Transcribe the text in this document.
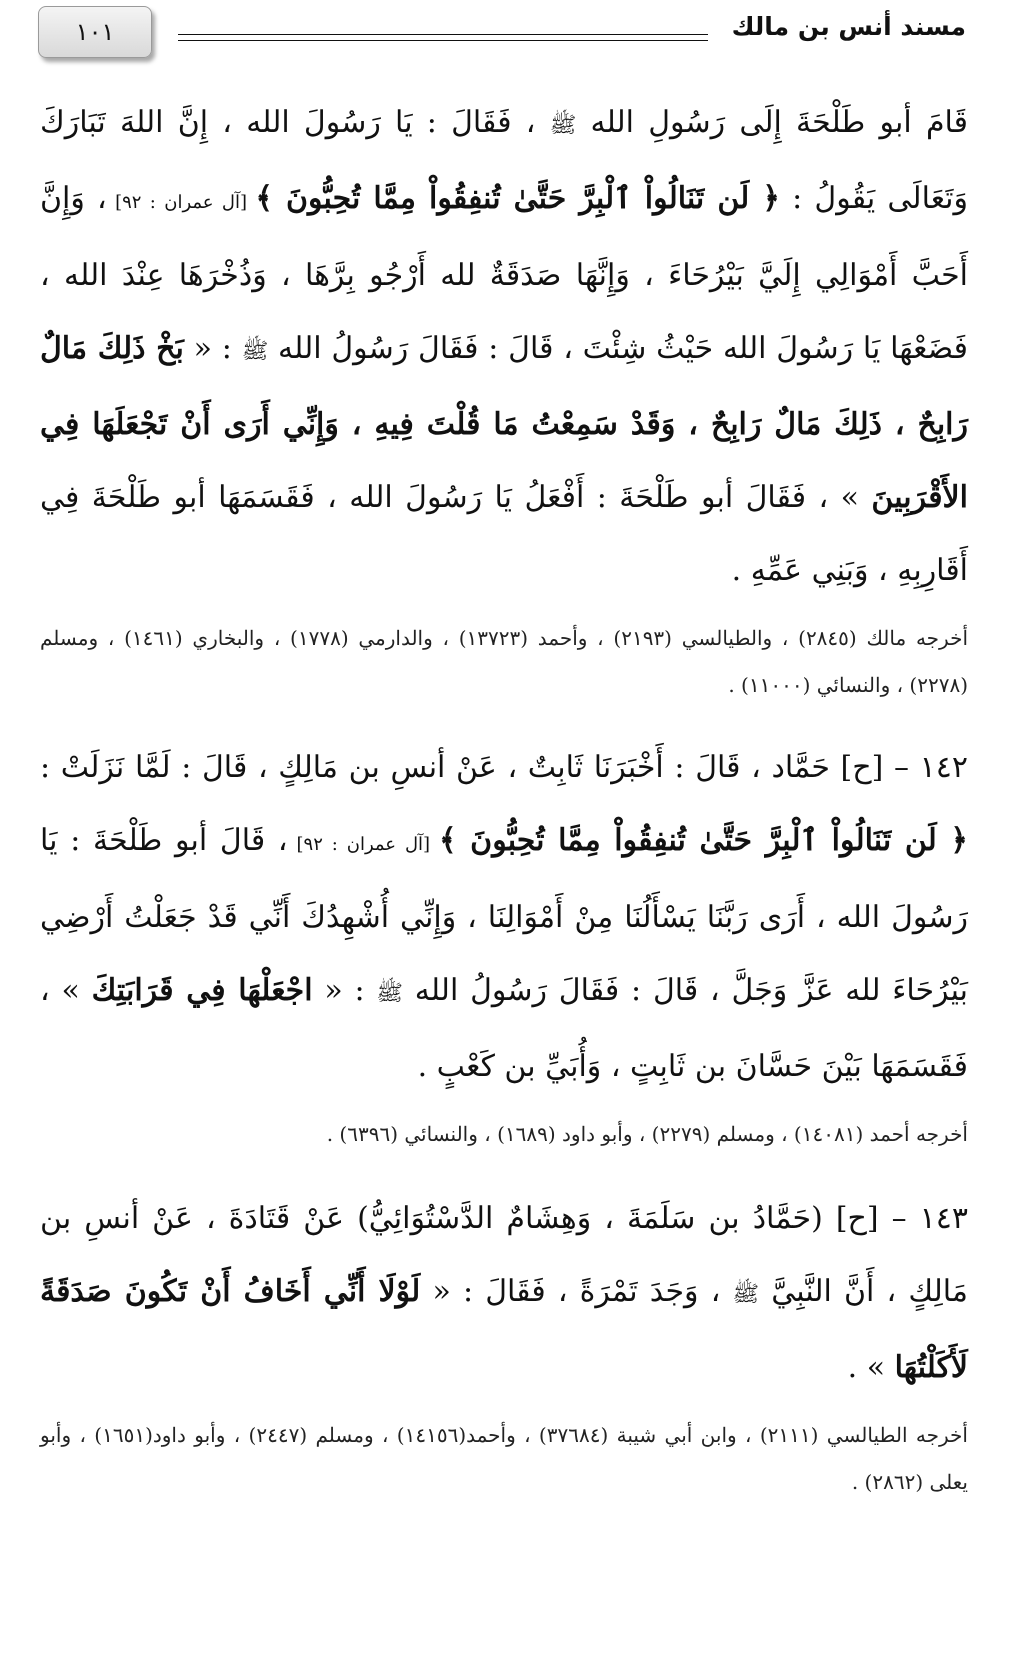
١٠١	مسند أنس بن مالك

قَامَ أبو طَلْحَةَ إِلَى رَسُولِ الله ﷺ ، فَقَالَ : يَا رَسُولَ الله ، إِنَّ اللهَ تَبَارَكَ وَتَعَالَى يَقُولُ : ﴿ لَن تَنَالُواْ ٱلْبِرَّ حَتَّىٰ تُنفِقُواْ مِمَّا تُحِبُّونَ ﴾ [آل عمران : ٩٢] ، وَإِنَّ أَحَبَّ أَمْوَالِي إِلَيَّ بَيْرُحَاءَ ، وَإِنَّهَا صَدَقَةٌ لله أَرْجُو بِرَّهَا ، وَذُخْرَهَا عِنْدَ الله ، فَضَعْهَا يَا رَسُولَ الله حَيْثُ شِئْتَ ، قَالَ : فَقَالَ رَسُولُ الله ﷺ : « بَخْ ذَلِكَ مَالٌ رَابِحٌ ، ذَلِكَ مَالٌ رَابِحٌ ، وَقَدْ سَمِعْتُ مَا قُلْتَ فِيهِ ، وَإِنِّي أَرَى أَنْ تَجْعَلَهَا فِي الأَقْرَبِينَ » ، فَقَالَ أبو طَلْحَةَ : أَفْعَلُ يَا رَسُولَ الله ، فَقَسَمَهَا أبو طَلْحَةَ فِي أَقَارِبِهِ ، وَبَنِي عَمِّهِ .

أخرجه مالك (٢٨٤٥) ، والطيالسي (٢١٩٣) ، وأحمد (١٣٧٢٣) ، والدارمي (١٧٧٨) ، والبخاري (١٤٦١) ، ومسلم (٢٢٧٨) ، والنسائي (١١٠٠٠) .

١٤٢ – [ح] حَمَّاد ، قَالَ : أَخْبَرَنَا ثَابِتٌ ، عَنْ أنسِ بن مَالِكٍ ، قَالَ : لَمَّا نَزَلَتْ : ﴿ لَن تَنَالُواْ ٱلْبِرَّ حَتَّىٰ تُنفِقُواْ مِمَّا تُحِبُّونَ ﴾ [آل عمران : ٩٢] ، قَالَ أبو طَلْحَةَ : يَا رَسُولَ الله ، أَرَى رَبَّنَا يَسْأَلُنَا مِنْ أَمْوَالِنَا ، وَإِنِّي أُشْهِدُكَ أَنِّي قَدْ جَعَلْتُ أَرْضِي بَيْرُحَاءَ لله عَزَّ وَجَلَّ ، قَالَ : فَقَالَ رَسُولُ الله ﷺ : « اجْعَلْهَا فِي قَرَابَتِكَ » ، فَقَسَمَهَا بَيْنَ حَسَّانَ بن ثَابِتٍ ، وَأُبَيِّ بن كَعْبٍ .

أخرجه أحمد (١٤٠٨١) ، ومسلم (٢٢٧٩) ، وأبو داود (١٦٨٩) ، والنسائي (٦٣٩٦) .

١٤٣ – [ح] (حَمَّادُ بن سَلَمَةَ ، وَهِشَامٌ الدَّسْتُوَائِيُّ) عَنْ قَتَادَةَ ، عَنْ أنسِ بن مَالِكٍ ، أَنَّ النَّبِيَّ ﷺ ، وَجَدَ تَمْرَةً ، فَقَالَ : « لَوْلَا أَنِّي أَخَافُ أَنْ تَكُونَ صَدَقَةً لَأَكَلْتُهَا » .

أخرجه الطيالسي (٢١١١) ، وابن أبي شيبة (٣٧٦٨٤) ، وأحمد(١٤١٥٦) ، ومسلم (٢٤٤٧) ، وأبو داود(١٦٥١) ، وأبو يعلى (٢٨٦٢) .
